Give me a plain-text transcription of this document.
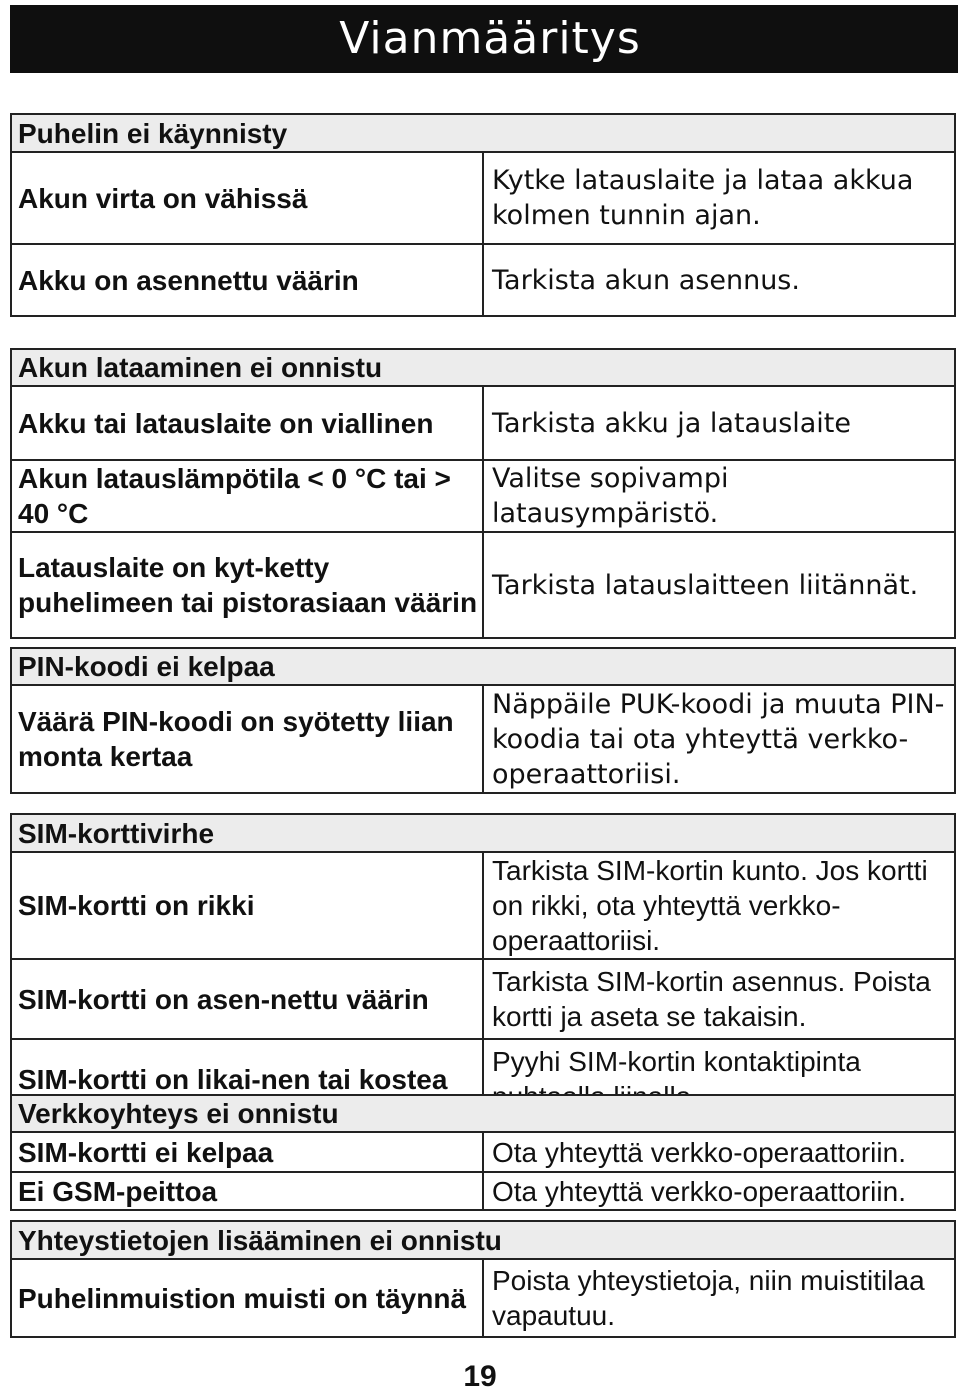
Vianmääritys
Puhelin ei käynnisty	
Akun virta on vähissä	Kytke latauslaite ja lataa akkua kolmen tunnin ajan.
Akku on asennettu väärin	Tarkista akun asennus.
Akun lataaminen ei onnistu	
Akku tai latauslaite on viallinen	Tarkista akku ja latauslaite
Akun latauslämpötila < 0 °C tai > 40 °C	Valitse sopivampi latausympäristö.
Latauslaite on kyt-ketty puhelimeen tai pistorasiaan väärin	Tarkista latauslaitteen liitännät.
PIN-koodi ei kelpaa
Väärä PIN-koodi on syötetty liian monta kertaa	Näppäile PUK-koodi ja muuta PIN-koodia tai ota yhteyttä verkko-operaattoriisi.
SIM-korttivirhe	
SIM-kortti on rikki	Tarkista SIM-kortin kunto. Jos kortti on rikki, ota yhteyttä verkko-operaattoriisi.
SIM-kortti on asen-nettu väärin	Tarkista SIM-kortin asennus. Poista kortti ja aseta se takaisin.
SIM-kortti on likai-nen tai kostea	Pyyhi SIM-kortin kontaktipinta
Verkkoyhteys ei onnistu	
SIM-kortti ei kelpaa	Ota yhteyttä verkko-operaattoriin.
Ei GSM-peittoa	Ota yhteyttä verkko-operaattoriin.
Yhteystietojen lisääminen ei onnistu
Puhelinmuistion muisti on täynnä	Poista yhteystietoja, niin muistitilaa vapautuu.
19
